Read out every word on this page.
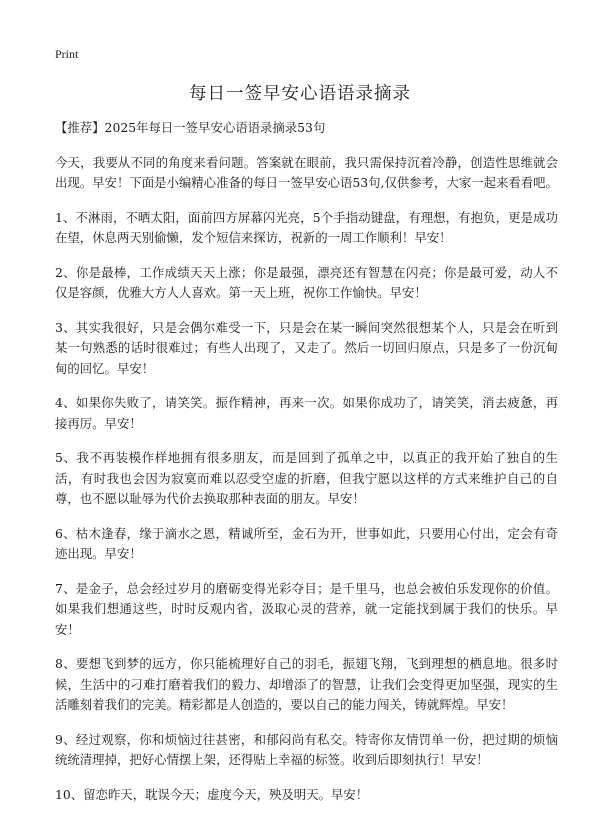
Print
每日一签早安心语语录摘录

【推荐】2025年每日一签早安心语语录摘录53句

今天，我要从不同的角度来看问题。答案就在眼前，我只需保持沉着冷静，创造性思维就会出现。早安！下面是小编精心准备的每日一签早安心语53句,仅供参考，大家一起来看看吧。

1、不淋雨，不晒太阳，面前四方屏幕闪光亮，5个手指动键盘，有理想，有抱负，更是成功在望，休息两天别偷懒，发个短信来探访，祝新的一周工作顺利！早安！

2、你是最棒，工作成绩天天上涨；你是最强，漂亮还有智慧在闪亮；你是最可爱，动人不仅是容颜，优雅大方人人喜欢。第一天上班，祝你工作愉快。早安！

3、其实我很好，只是会偶尔难受一下，只是会在某一瞬间突然很想某个人，只是会在听到某一句熟悉的话时很难过；有些人出现了，又走了。然后一切回归原点，只是多了一份沉甸甸的回忆。早安！

4、如果你失败了，请笑笑。振作精神，再来一次。如果你成功了，请笑笑，消去疲惫，再接再厉。早安！

5、我不再装模作样地拥有很多朋友，而是回到了孤单之中，以真正的我开始了独自的生活，有时我也会因为寂寞而难以忍受空虚的折磨，但我宁愿以这样的方式来维护自己的自尊，也不愿以耻辱为代价去换取那种表面的朋友。早安！

6、枯木逢春，缘于滴水之恩，精诚所至，金石为开，世事如此，只要用心付出，定会有奇迹出现。早安！

7、是金子，总会经过岁月的磨砺变得光彩夺目；是千里马，也总会被伯乐发现你的价值。如果我们想通这些，时时反观内省，汲取心灵的营养，就一定能找到属于我们的快乐。早安！

8、要想飞到梦的远方，你只能梳理好自己的羽毛，振翅飞翔，飞到理想的栖息地。很多时候，生活中的刁难打磨着我们的毅力、却增添了的智慧，让我们会变得更加坚强，现实的生活雕刻着我们的完美。精彩都是人创造的，要以自己的能力闯关，铸就辉煌。早安！

9、经过观察，你和烦恼过往甚密，和郁闷尚有私交。特寄你友情罚单一份，把过期的烦恼统统清理掉，把好心情摆上架，还得贴上幸福的标签。收到后即刻执行！早安！

10、留恋昨天，耽误今天；虚度今天，殃及明天。早安！
